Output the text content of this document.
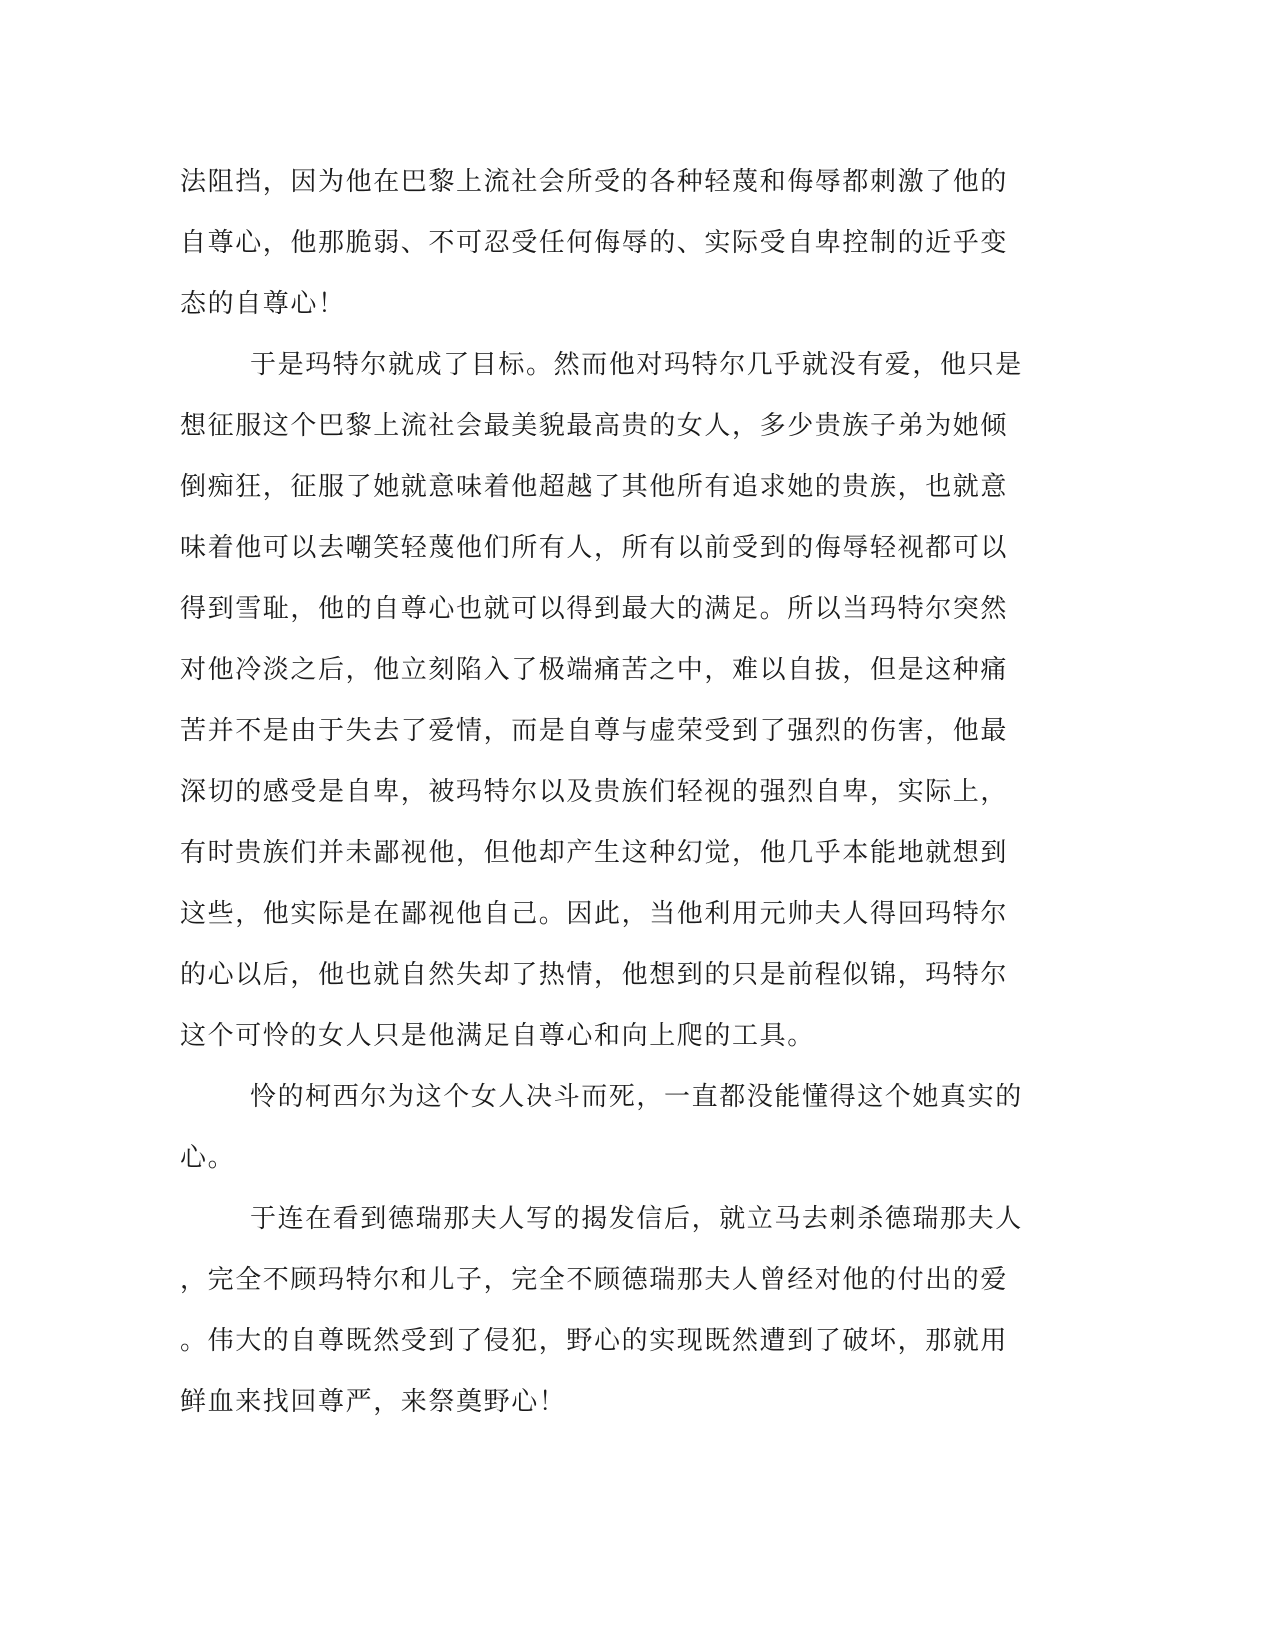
法阻挡，因为他在巴黎上流社会所受的各种轻蔑和侮辱都刺激了他的
自尊心，他那脆弱、不可忍受任何侮辱的、实际受自卑控制的近乎变
态的自尊心！
于是玛特尔就成了目标。然而他对玛特尔几乎就没有爱，他只是
想征服这个巴黎上流社会最美貌最高贵的女人，多少贵族子弟为她倾
倒痴狂，征服了她就意味着他超越了其他所有追求她的贵族，也就意
味着他可以去嘲笑轻蔑他们所有人，所有以前受到的侮辱轻视都可以
得到雪耻，他的自尊心也就可以得到最大的满足。所以当玛特尔突然
对他冷淡之后，他立刻陷入了极端痛苦之中，难以自拔，但是这种痛
苦并不是由于失去了爱情，而是自尊与虚荣受到了强烈的伤害，他最
深切的感受是自卑，被玛特尔以及贵族们轻视的强烈自卑，实际上，
有时贵族们并未鄙视他，但他却产生这种幻觉，他几乎本能地就想到
这些，他实际是在鄙视他自己。因此，当他利用元帅夫人得回玛特尔
的心以后，他也就自然失却了热情，他想到的只是前程似锦，玛特尔
这个可怜的女人只是他满足自尊心和向上爬的工具。
怜的柯西尔为这个女人决斗而死，一直都没能懂得这个她真实的
心。
于连在看到德瑞那夫人写的揭发信后，就立马去刺杀德瑞那夫人
，完全不顾玛特尔和儿子，完全不顾德瑞那夫人曾经对他的付出的爱
。伟大的自尊既然受到了侵犯，野心的实现既然遭到了破坏，那就用
鲜血来找回尊严，来祭奠野心！
